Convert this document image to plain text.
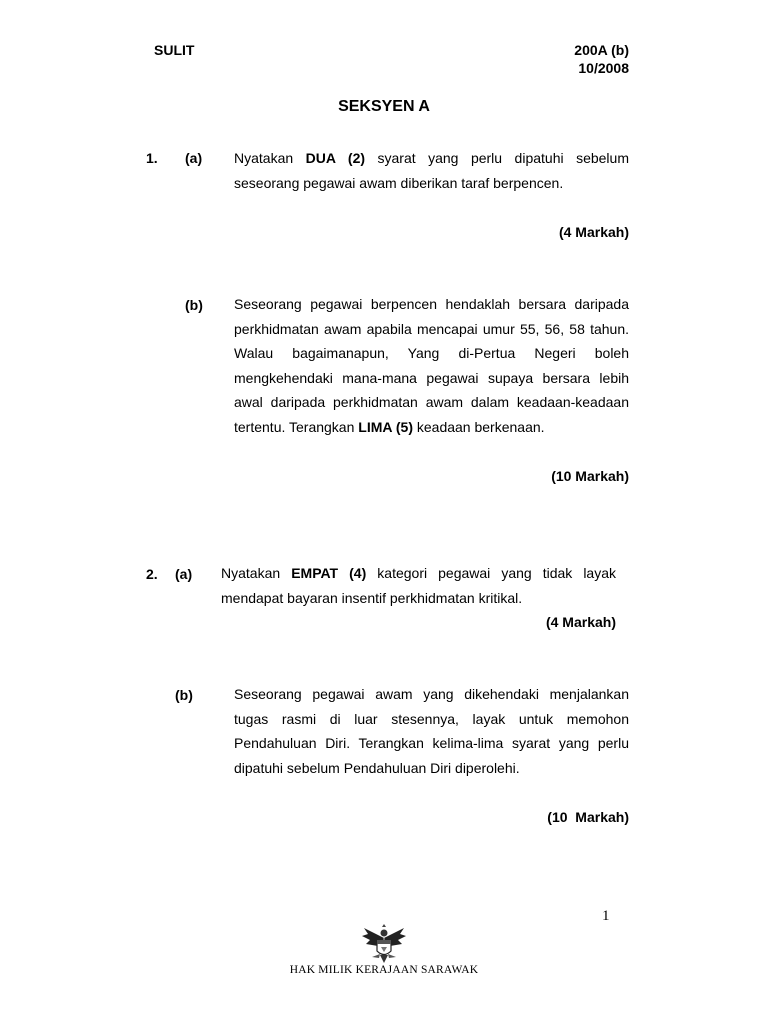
SULIT	200A (b)
10/2008
SEKSYEN A
1. (a) Nyatakan DUA (2) syarat yang perlu dipatuhi sebelum seseorang pegawai awam diberikan taraf berpencen.
(4 Markah)
(b) Seseorang pegawai berpencen hendaklah bersara daripada perkhidmatan awam apabila mencapai umur 55, 56, 58 tahun. Walau bagaimanapun, Yang di-Pertua Negeri boleh mengkehendaki mana-mana pegawai supaya bersara lebih awal daripada perkhidmatan awam dalam keadaan-keadaan tertentu. Terangkan LIMA (5) keadaan berkenaan.
(10 Markah)
2. (a) Nyatakan EMPAT (4) kategori pegawai yang tidak layak mendapat bayaran insentif perkhidmatan kritikal.
(4 Markah)
(b)	Seseorang pegawai awam yang dikehendaki menjalankan tugas rasmi di luar stesennya, layak untuk memohon Pendahuluan Diri. Terangkan kelima-lima syarat yang perlu dipatuhi sebelum Pendahuluan Diri diperolehi.
(10  Markah)
1
HAK MILIK KERAJAAN SARAWAK
